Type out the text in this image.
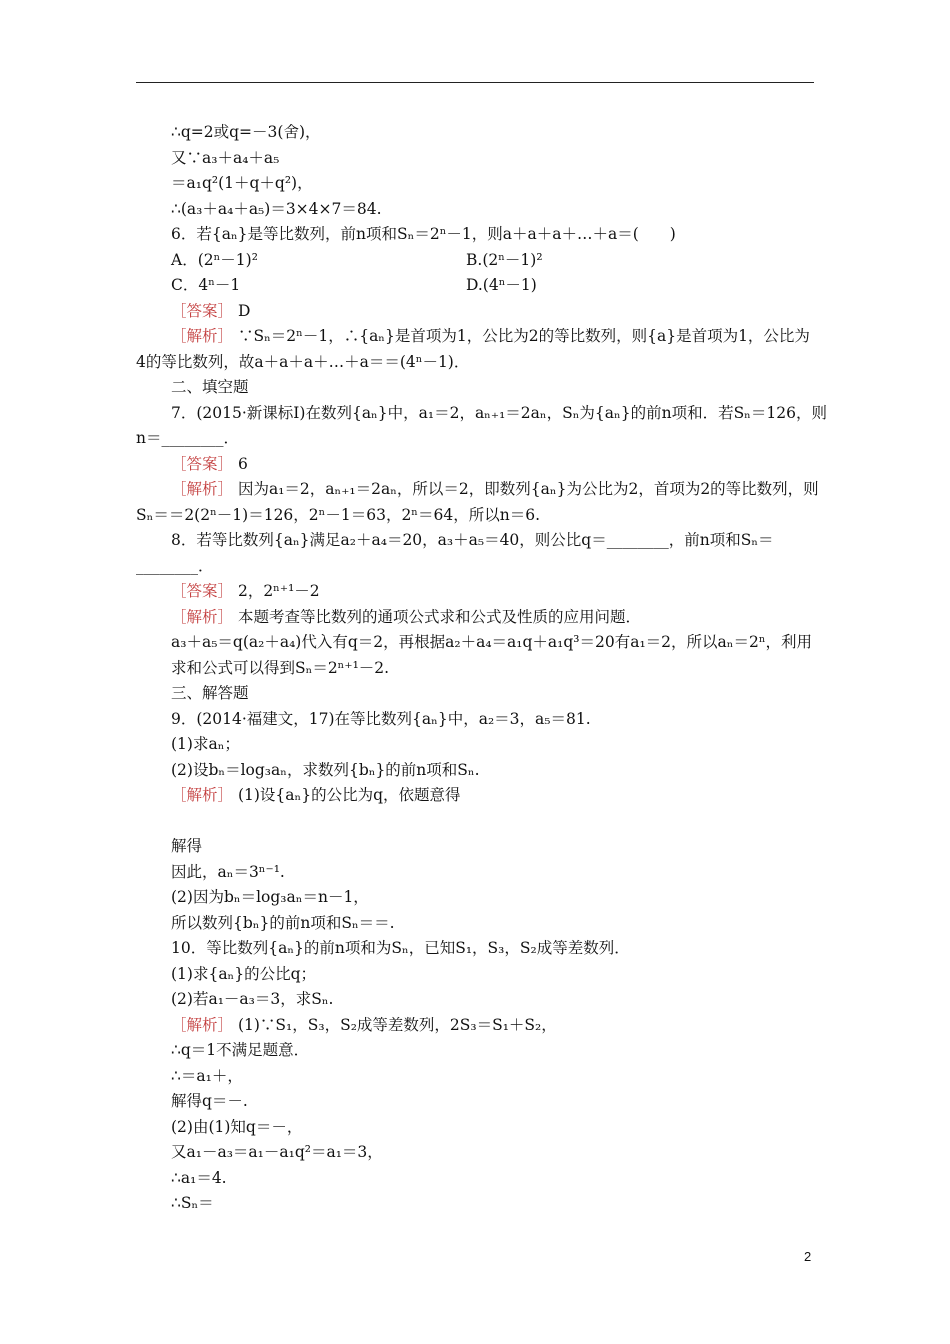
∴q=2或q=－3(舍)，
又∵a₃＋a₄＋a₅
＝a₁q²(1＋q＋q²)，
∴(a₃＋a₄＋a₅)＝3×4×7＝84.
6．若{aₙ}是等比数列，前n项和Sₙ＝2ⁿ－1，则a＋a＋a＋…＋a＝(　　)
A．(2ⁿ－1)²	B.(2ⁿ－1)²
C．4ⁿ－1	D.(4ⁿ－1)
［答案］ D
［解析］ ∵Sₙ＝2ⁿ－1，∴{aₙ}是首项为1，公比为2的等比数列，则{a}是首项为1，公比为
4的等比数列，故a＋a＋a＋…＋a＝＝(4ⁿ－1)．
二、填空题
7．(2015·新课标Ⅰ)在数列{aₙ}中，a₁＝2，aₙ₊₁＝2aₙ，Sₙ为{aₙ}的前n项和．若Sₙ＝126，则
n＝________．
［答案］ 6
［解析］ 因为a₁＝2，aₙ₊₁＝2aₙ，所以＝2，即数列{aₙ}为公比为2，首项为2的等比数列，则
Sₙ＝＝2(2ⁿ－1)＝126，2ⁿ－1＝63，2ⁿ＝64，所以n＝6.
8．若等比数列{aₙ}满足a₂＋a₄＝20，a₃＋a₅＝40，则公比q＝________，前n项和Sₙ＝
________．
［答案］ 2，2ⁿ⁺¹－2
［解析］ 本题考查等比数列的通项公式求和公式及性质的应用问题．
a₃＋a₅＝q(a₂＋a₄)代入有q＝2，再根据a₂＋a₄＝a₁q＋a₁q³＝20有a₁＝2，所以aₙ＝2ⁿ，利用
求和公式可以得到Sₙ＝2ⁿ⁺¹－2.
三、解答题
9．(2014·福建文，17)在等比数列{aₙ}中，a₂＝3，a₅＝81.
(1)求aₙ；
(2)设bₙ＝log₃aₙ，求数列{bₙ}的前n项和Sₙ.
［解析］ (1)设{aₙ}的公比为q，依题意得
解得
因此，aₙ＝3ⁿ⁻¹.
(2)因为bₙ＝log₃aₙ＝n－1，
所以数列{bₙ}的前n项和Sₙ＝＝.
10．等比数列{aₙ}的前n项和为Sₙ，已知S₁，S₃，S₂成等差数列．
(1)求{aₙ}的公比q；
(2)若a₁－a₃＝3，求Sₙ.
［解析］ (1)∵S₁，S₃，S₂成等差数列，2S₃＝S₁＋S₂，
∴q＝1不满足题意．
∴＝a₁＋，
解得q＝－.
(2)由(1)知q＝－，
又a₁－a₃＝a₁－a₁q²＝a₁＝3，
∴a₁＝4.
∴Sₙ＝
2
